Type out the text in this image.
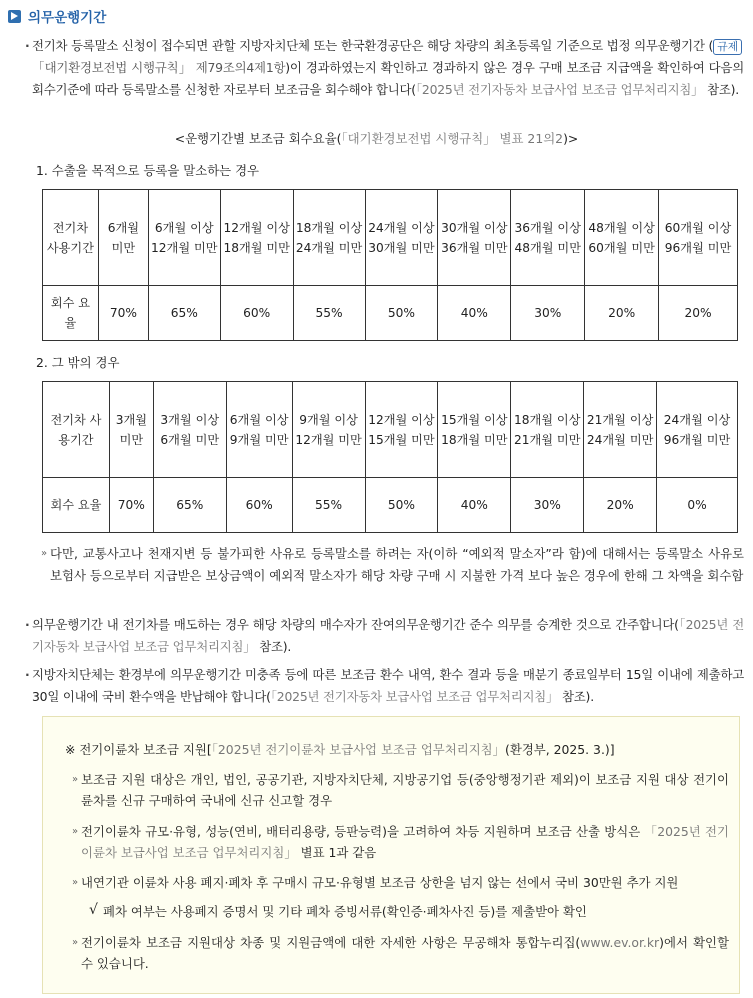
의무운행기간
· 전기차 등록말소 신청이 접수되면 관할 지방자치단체 또는 한국환경공단은 해당 차량의 최초등록일 기준으로 법정 의무운행기간 ( 규제「대기환경보전법 시행규칙」 제79조의4제1항)이 경과하였는지 확인하고 경과하지 않은 경우 구매 보조금 지급액을 확인하여 다음의 회수기준에 따라 등록말소를 신청한 자로부터 보조금을 회수해야 합니다(「2025년 전기자동차 보급사업 보조금 업무처리지침」 참조).
<운행기간별 보조금 회수요율(「대기환경보전법 시행규칙」 별표 21의2)>
1. 수출을 목적으로 등록을 말소하는 경우
전기차 사용기간	6개월 미만	6개월 이상 12개월 미만	12개월 이상 18개월 미만	18개월 이상 24개월 미만	24개월 이상 30개월 미만	30개월 이상 36개월 미만	36개월 이상 48개월 미만	48개월 이상 60개월 미만	60개월 이상 96개월 미만
회수 요율	70%	65%	60%	55%	50%	40%	30%	20%	20%
2. 그 밖의 경우
전기차 사용기간	3개월 미만	3개월 이상 6개월 미만	6개월 이상 9개월 미만	9개월 이상 12개월 미만	12개월 이상 15개월 미만	15개월 이상 18개월 미만	18개월 이상 21개월 미만	21개월 이상 24개월 미만	24개월 이상 96개월 미만
회수 요율	70%	65%	60%	55%	50%	40%	30%	20%	0%
» 다만, 교통사고나 천재지변 등 불가피한 사유로 등록말소를 하려는 자(이하 “예외적 말소자”라 함)에 대해서는 등록말소 사유로 보험사 등으로부터 지급받은 보상금액이 예외적 말소자가 해당 차량 구매 시 지불한 가격 보다 높은 경우에 한해 그 차액을 회수함
· 의무운행기간 내 전기차를 매도하는 경우 해당 차량의 매수자가 잔여의무운행기간 준수 의무를 승계한 것으로 간주합니다(「2025년 전기자동차 보급사업 보조금 업무처리지침」 참조).
· 지방자치단체는 환경부에 의무운행기간 미충족 등에 따른 보조금 환수 내역, 환수 결과 등을 매분기 종료일부터 15일 이내에 제출하고 30일 이내에 국비 환수액을 반납해야 합니다(「2025년 전기자동차 보급사업 보조금 업무처리지침」 참조).
※ 전기이륜차 보조금 지원[「2025년 전기이륜차 보급사업 보조금 업무처리지침」(환경부, 2025. 3.)]
» 보조금 지원 대상은 개인, 법인, 공공기관, 지방자치단체, 지방공기업 등(중앙행정기관 제외)이 보조금 지원 대상 전기이륜차를 신규 구매하여 국내에 신규 신고할 경우
» 전기이륜차 규모·유형, 성능(연비, 배터리용량, 등판능력)을 고려하여 차등 지원하며 보조금 산출 방식은 「2025년 전기이륜차 보급사업 보조금 업무처리지침」 별표 1과 같음
» 내연기관 이륜차 사용 폐지·폐차 후 구매시 규모·유형별 보조금 상한을 넘지 않는 선에서 국비 30만원 추가 지원
√ 폐차 여부는 사용폐지 증명서 및 기타 폐차 증빙서류(확인증·폐차사진 등)를 제출받아 확인
» 전기이륜차 보조금 지원대상 차종 및 지원금액에 대한 자세한 사항은 무공해차 통합누리집(www.ev.or.kr)에서 확인할 수 있습니다.
